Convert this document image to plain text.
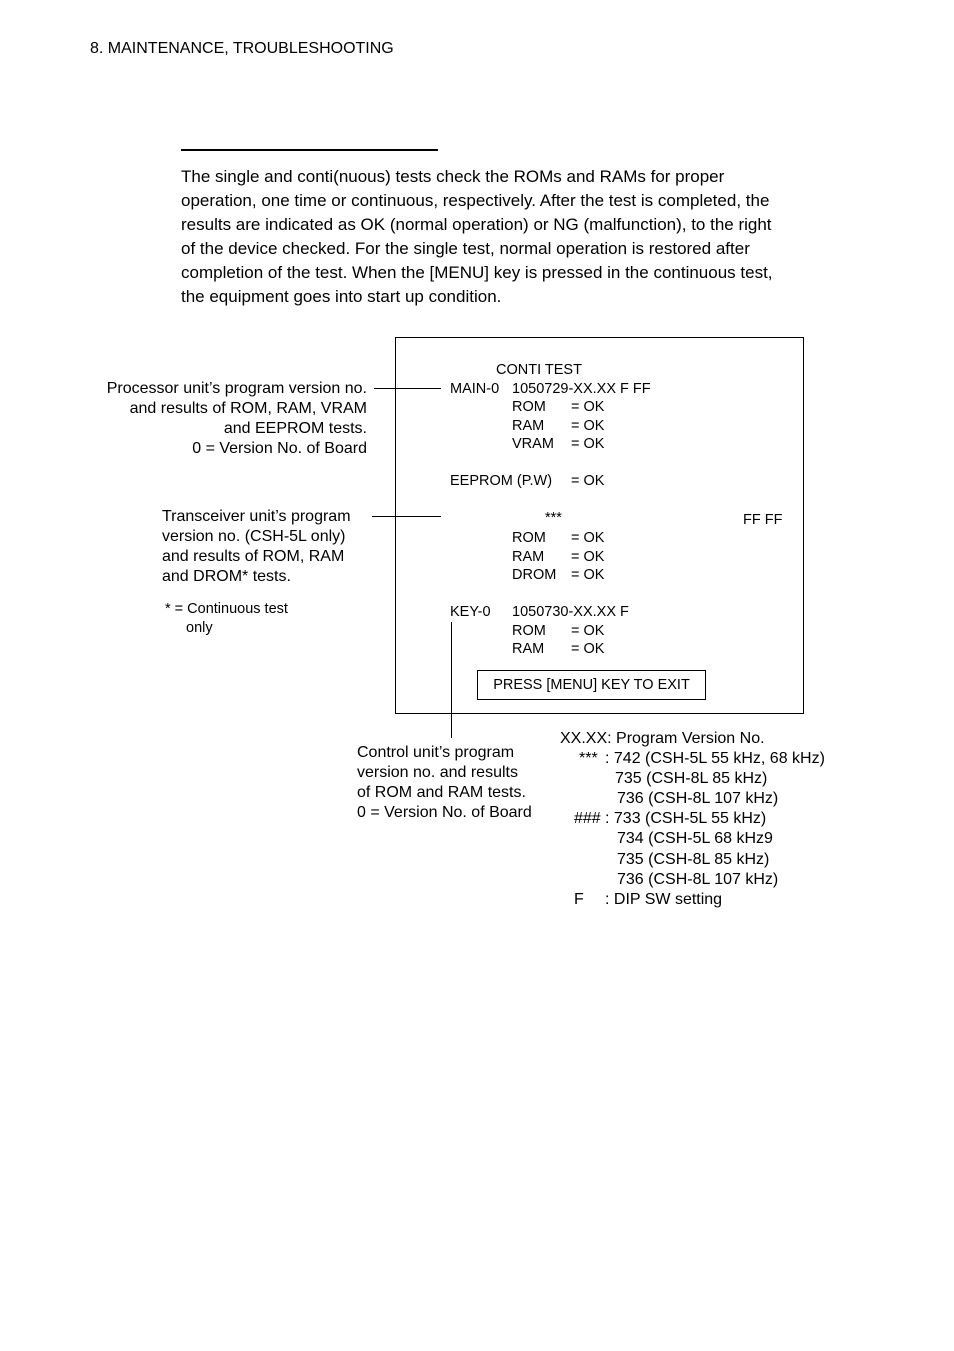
8. MAINTENANCE, TROUBLESHOOTING
The single and conti(nuous) tests check the ROMs and RAMs for proper
operation, one time or continuous, respectively. After the test is completed, the
results are indicated as OK (normal operation) or NG (malfunction), to the right
of the device checked. For the single test, normal operation is restored after
completion of the test. When the [MENU] key is pressed in the continuous test,
the equipment goes into start up condition.
CONTI TEST
MAIN-0 1050729-XX.XX F FF
ROM = OK
RAM = OK
VRAM = OK
EEPROM (P.W) = OK
***	FF FF
ROM = OK
RAM = OK
DROM = OK
KEY-0 1050730-XX.XX F
ROM = OK
RAM = OK
PRESS [MENU] KEY TO EXIT
Processor unit’s program version no.
and results of ROM, RAM, VRAM
and EEPROM tests.
0 = Version No. of Board
Transceiver unit’s program
version no. (CSH-5L only)
and results of ROM, RAM
and DROM* tests.
* = Continuous test
only
Control unit’s program
version no. and results
of ROM and RAM tests.
0 = Version No. of Board
XX.XX: Program Version No.
*** : 742 (CSH-5L 55 kHz, 68 kHz)
735 (CSH-8L 85 kHz)
736 (CSH-8L 107 kHz)
### : 733 (CSH-5L 55 kHz)
734 (CSH-5L 68 kHz9
735 (CSH-8L 85 kHz)
736 (CSH-8L 107 kHz)
F : DIP SW setting
